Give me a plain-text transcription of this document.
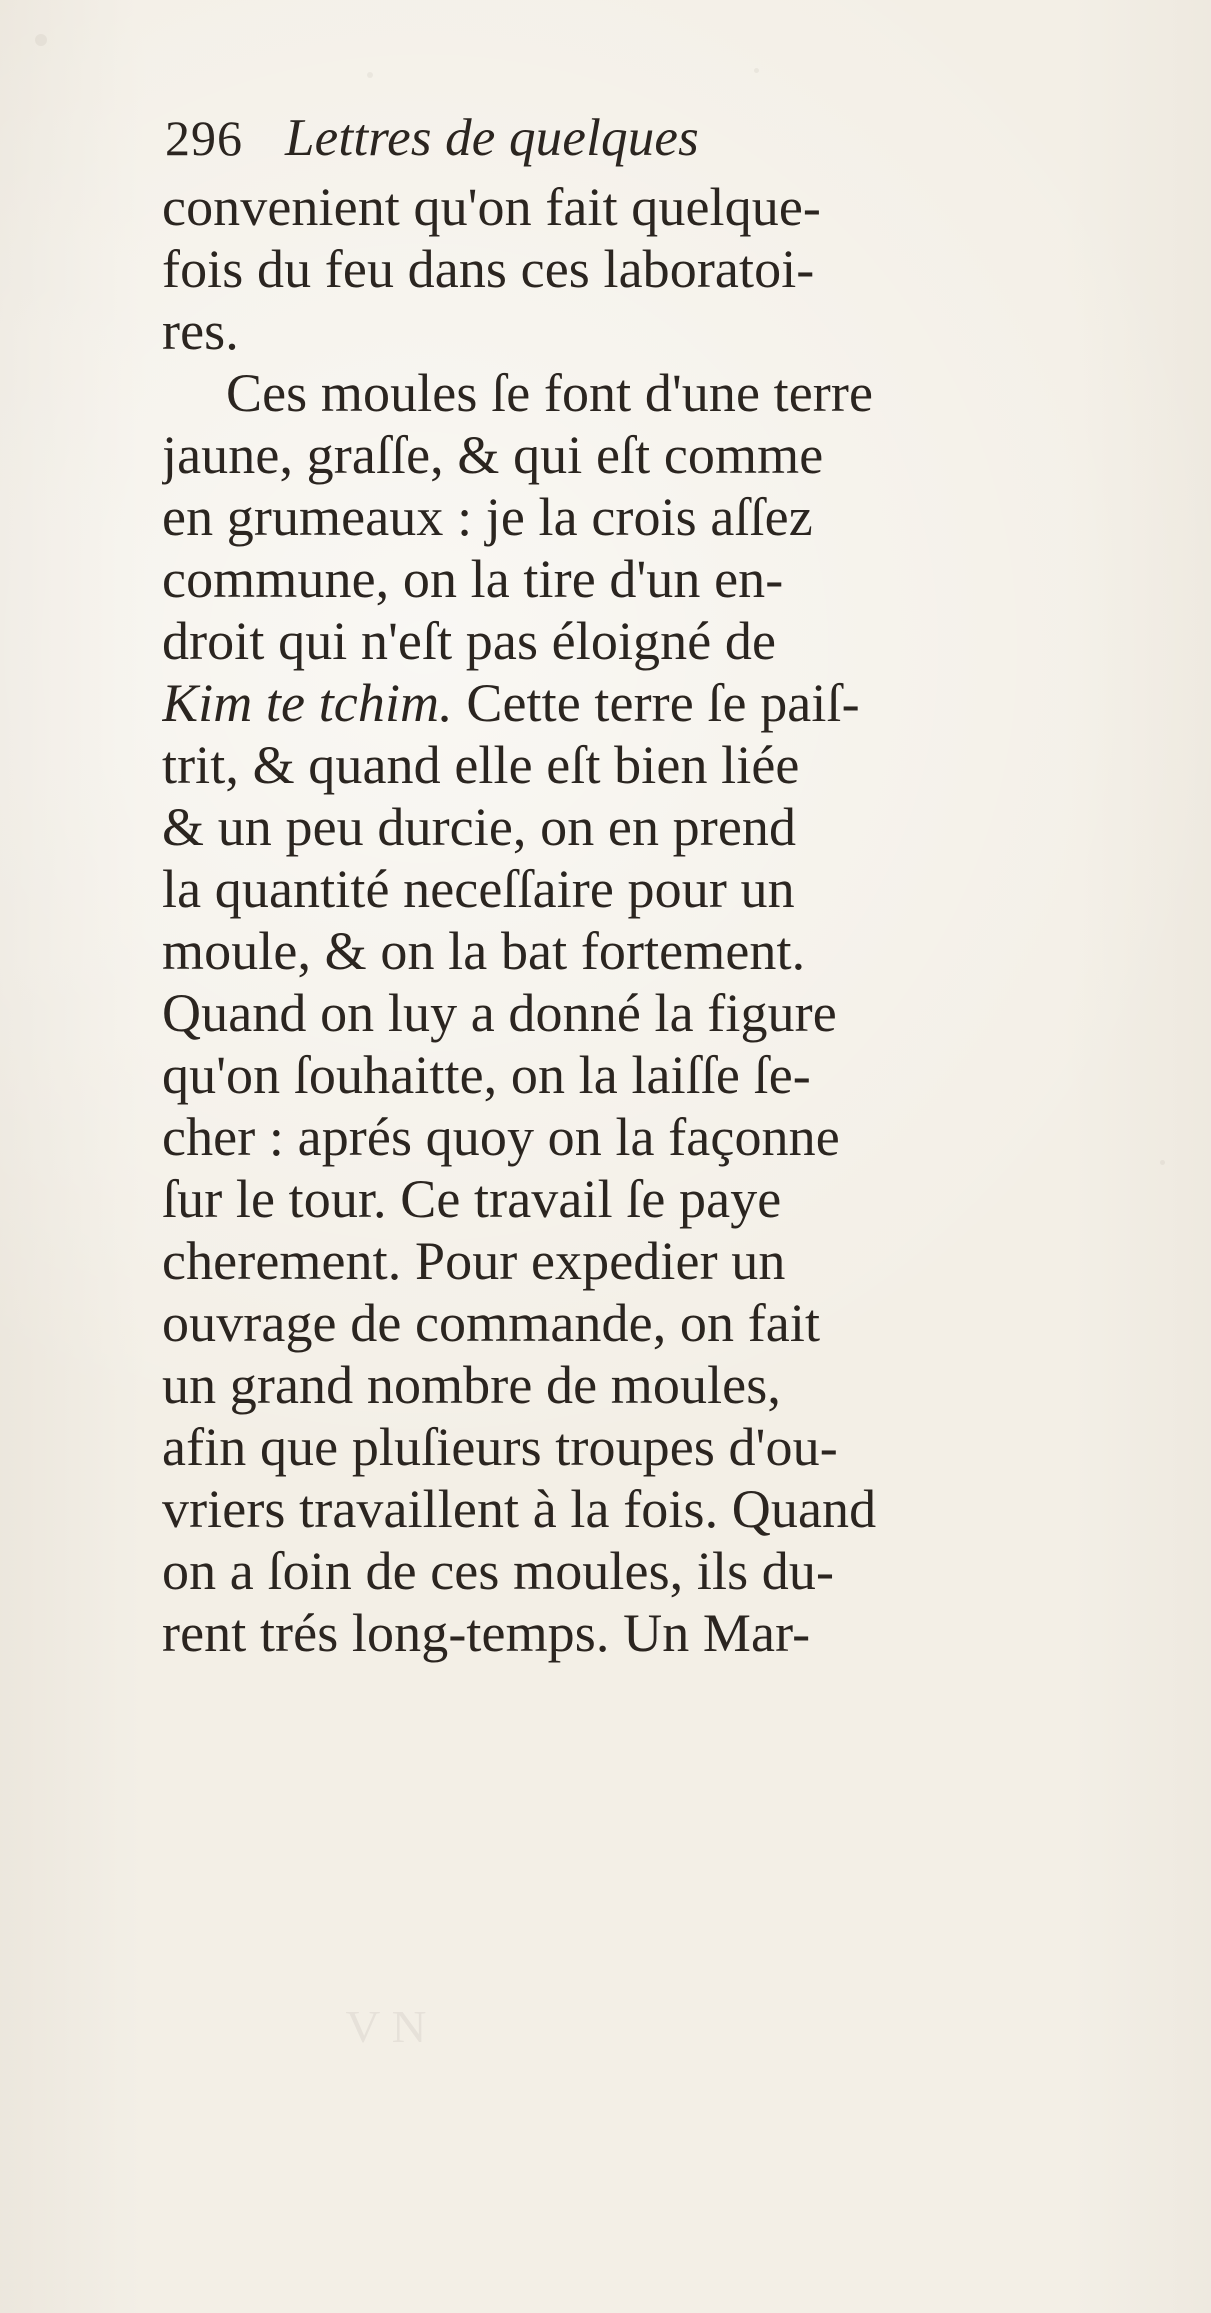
296 Lettres de quelques
convenient qu'on fait quelque-
fois du feu dans ces laboratoi-
res.
Ces moules ſe font d'une terre
jaune, graſſe, & qui eſt comme
en grumeaux : je la crois aſſez
commune, on la tire d'un en-
droit qui n'eſt pas éloigné de
Kim te tchim. Cette terre ſe paiſ-
trit, & quand elle eſt bien liée
& un peu durcie, on en prend
la quantité neceſſaire pour un
moule, & on la bat fortement.
Quand on luy a donné la figure
qu'on ſouhaitte, on la laiſſe ſe-
cher : aprés quoy on la façonne
ſur le tour. Ce travail ſe paye
cherement. Pour expedier un
ouvrage de commande, on fait
un grand nombre de moules,
afin que pluſieurs troupes d'ou-
vriers travaillent à la fois. Quand
on a ſoin de ces moules, ils du-
rent trés long-temps. Un Mar-
V N
